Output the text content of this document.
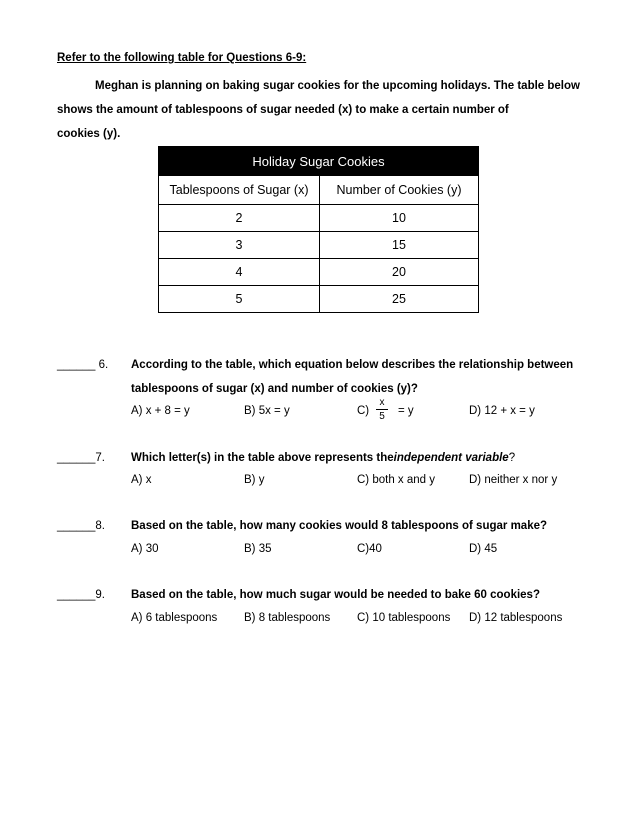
Refer to the following table for Questions 6-9:
Meghan is planning on baking sugar cookies for the upcoming holidays. The table below
shows the amount of tablespoons of sugar needed (x) to make a certain number of
cookies (y).
Holiday Sugar Cookies	
Tablespoons of Sugar (x)	Number of Cookies (y)
2	10
3	15
4	20
5	25
______ 6. According to the table, which equation below describes the relationship between
tablespoons of sugar (x) and number of cookies (y)?
A) x + 8 = y	B) 5x = y	C)
x
5 = y	D) 12 + x = y
______7. Which letter(s) in the table above represents theindependent variable?
A) x	B) y	C) both x and y	D) neither x nor y
______8. Based on the table, how many cookies would 8 tablespoons of sugar make?
A) 30	B) 35	C)40	D) 45
______9. Based on the table, how much sugar would be needed to bake 60 cookies?
A) 6 tablespoons B) 8 tablespoons C) 10 tablespoons D) 12 tablespoons
